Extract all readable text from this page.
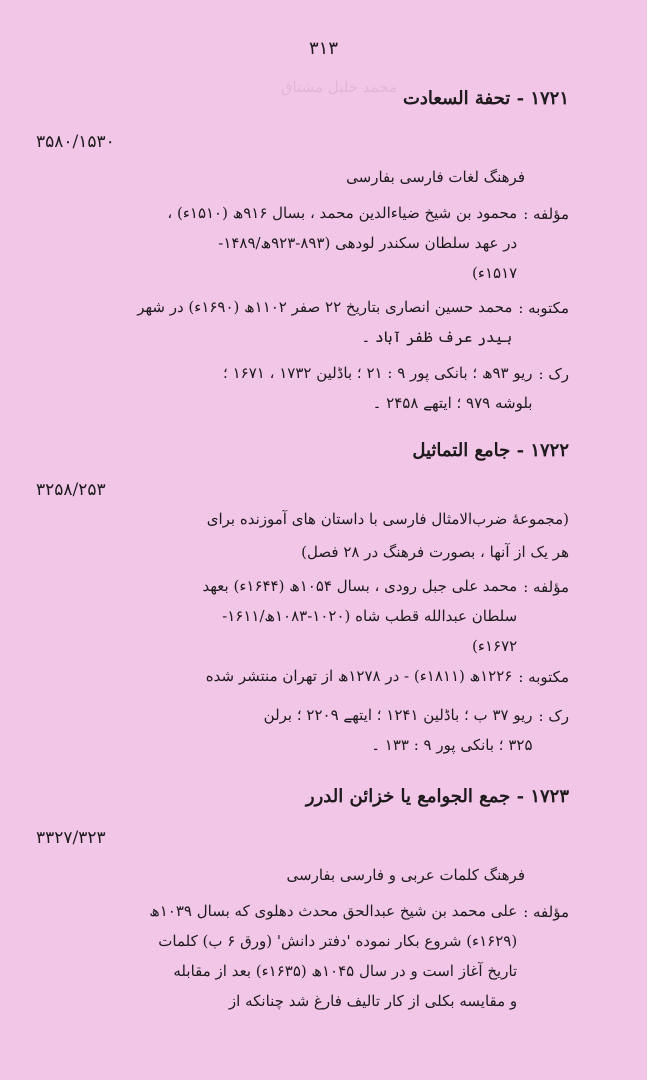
۳۱۳
محمد خلیل مشتاق
۱۷۲۱ - تحفة السعادت
۳۵۸۰/۱۵۳۰
فرهنگ لغات فارسی بفارسی
مؤلفه :
محمود بن شیخ ضیاءالدین محمد ، بسال ۹۱۶ھ (۱۵۱۰ء) ،
در عهد سلطان سکندر لودهی (۸۹۳-۹۲۳ھ/۱۴۸۹-
۱۵۱۷ء)
مکتوبه :
محمد حسین انصاری بتاریخ ۲۲ صفر ۱۱۰۲ھ (۱۶۹۰ء) در شهر
بیدر عرف ظفر آباد ۔
رک :
ریو ۹۳ھ ؛ بانکی پور ۹ : ۲۱ ؛ باڈلین ۱۷۳۲ ، ۱۶۷۱ ؛
بلوشه ۹۷۹ ؛ ایتھے ۲۴۵۸ ۔
۱۷۲۲ - جامع التماثیل
۳۲۵۸/۲۵۳
(مجموعۀ ضرب‌الامثال فارسی با داستان های آموزنده برای
هر یک از آنها ، بصورت فرهنگ در ۲۸ فصل)
مؤلفه :
محمد علی جبل رودی ، بسال ۱۰۵۴ھ (۱۶۴۴ء) بعهد
سلطان عبدالله قطب شاه (۱۰۲۰-۱۰۸۳ھ/۱۶۱۱-
۱۶۷۲ء)
مکتوبه :
۱۲۲۶ھ (۱۸۱۱ء) - در ۱۲۷۸ھ از تهران منتشر شده
رک :
ریو ۳۷ ب ؛ باڈلین ۱۲۴۱ ؛ ایتھے ۲۲۰۹ ؛ برلن
۳۲۵ ؛ بانکی پور ۹ : ۱۳۳ ۔
۱۷۲۳ - جمع الجوامع یا خزائن الدرر
۳۳۲۷/۳۲۳
فرهنگ کلمات عربی و فارسی بفارسی
مؤلفه :
علی محمد بن شیخ عبدالحق محدث دهلوی که بسال ۱۰۳۹ھ
(۱۶۲۹ء) شروع بکار نموده 'دفتر دانش' (ورق ۶ ب) کلمات
تاریخ آغاز است و در سال ۱۰۴۵ھ (۱۶۳۵ء) بعد از مقابله
و مقایسه بکلی از کار تالیف فارغ شد چنانکه از
